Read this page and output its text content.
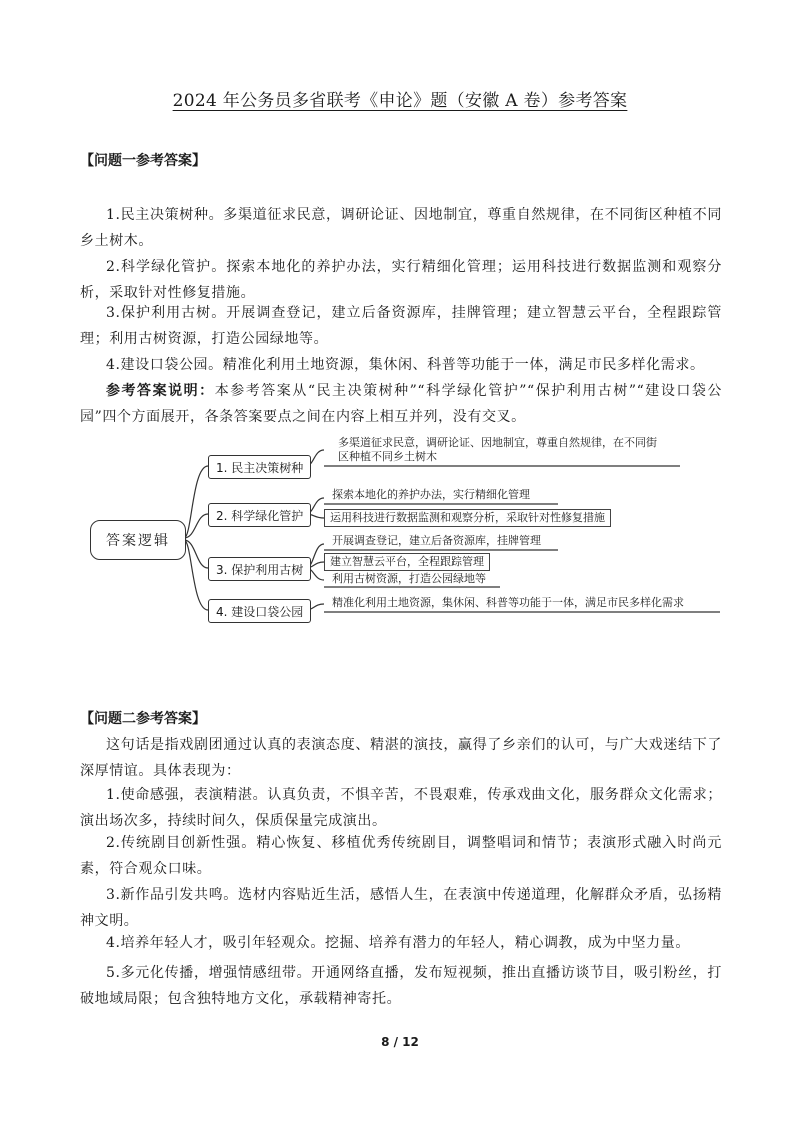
2024 年公务员多省联考《申论》题（安徽 A 卷）参考答案
【问题一参考答案】
1.民主决策树种。多渠道征求民意，调研论证、因地制宜，尊重自然规律，在不同街区种植不同乡土树木。
2.科学绿化管护。探索本地化的养护办法，实行精细化管理；运用科技进行数据监测和观察分析，采取针对性修复措施。
3.保护利用古树。开展调查登记，建立后备资源库，挂牌管理；建立智慧云平台，全程跟踪管理；利用古树资源，打造公园绿地等。
4.建设口袋公园。精准化利用土地资源，集休闲、科普等功能于一体，满足市民多样化需求。
参考答案说明：本参考答案从“民主决策树种”“科学绿化管护”“保护利用古树”“建设口袋公园”四个方面展开，各条答案要点之间在内容上相互并列，没有交叉。
答案逻辑
1. 民主决策树种
2. 科学绿化管护
3. 保护利用古树
4. 建设口袋公园
多渠道征求民意，调研论证、因地制宜，尊重自然规律，在不同街
区种植不同乡土树木
探索本地化的养护办法，实行精细化管理
运用科技进行数据监测和观察分析，采取针对性修复措施
开展调查登记，建立后备资源库，挂牌管理
建立智慧云平台，全程跟踪管理
利用古树资源，打造公园绿地等
精准化利用土地资源，集休闲、科普等功能于一体，满足市民多样化需求
【问题二参考答案】
这句话是指戏剧团通过认真的表演态度、精湛的演技，赢得了乡亲们的认可，与广大戏迷结下了深厚情谊。具体表现为：
1.使命感强，表演精湛。认真负责，不惧辛苦，不畏艰难，传承戏曲文化，服务群众文化需求；演出场次多，持续时间久，保质保量完成演出。
2.传统剧目创新性强。精心恢复、移植优秀传统剧目，调整唱词和情节；表演形式融入时尚元素，符合观众口味。
3.新作品引发共鸣。选材内容贴近生活，感悟人生，在表演中传递道理，化解群众矛盾，弘扬精神文明。
4.培养年轻人才，吸引年轻观众。挖掘、培养有潜力的年轻人，精心调教，成为中坚力量。
5.多元化传播，增强情感纽带。开通网络直播，发布短视频，推出直播访谈节目，吸引粉丝，打破地域局限；包含独特地方文化，承载精神寄托。
8 / 12
